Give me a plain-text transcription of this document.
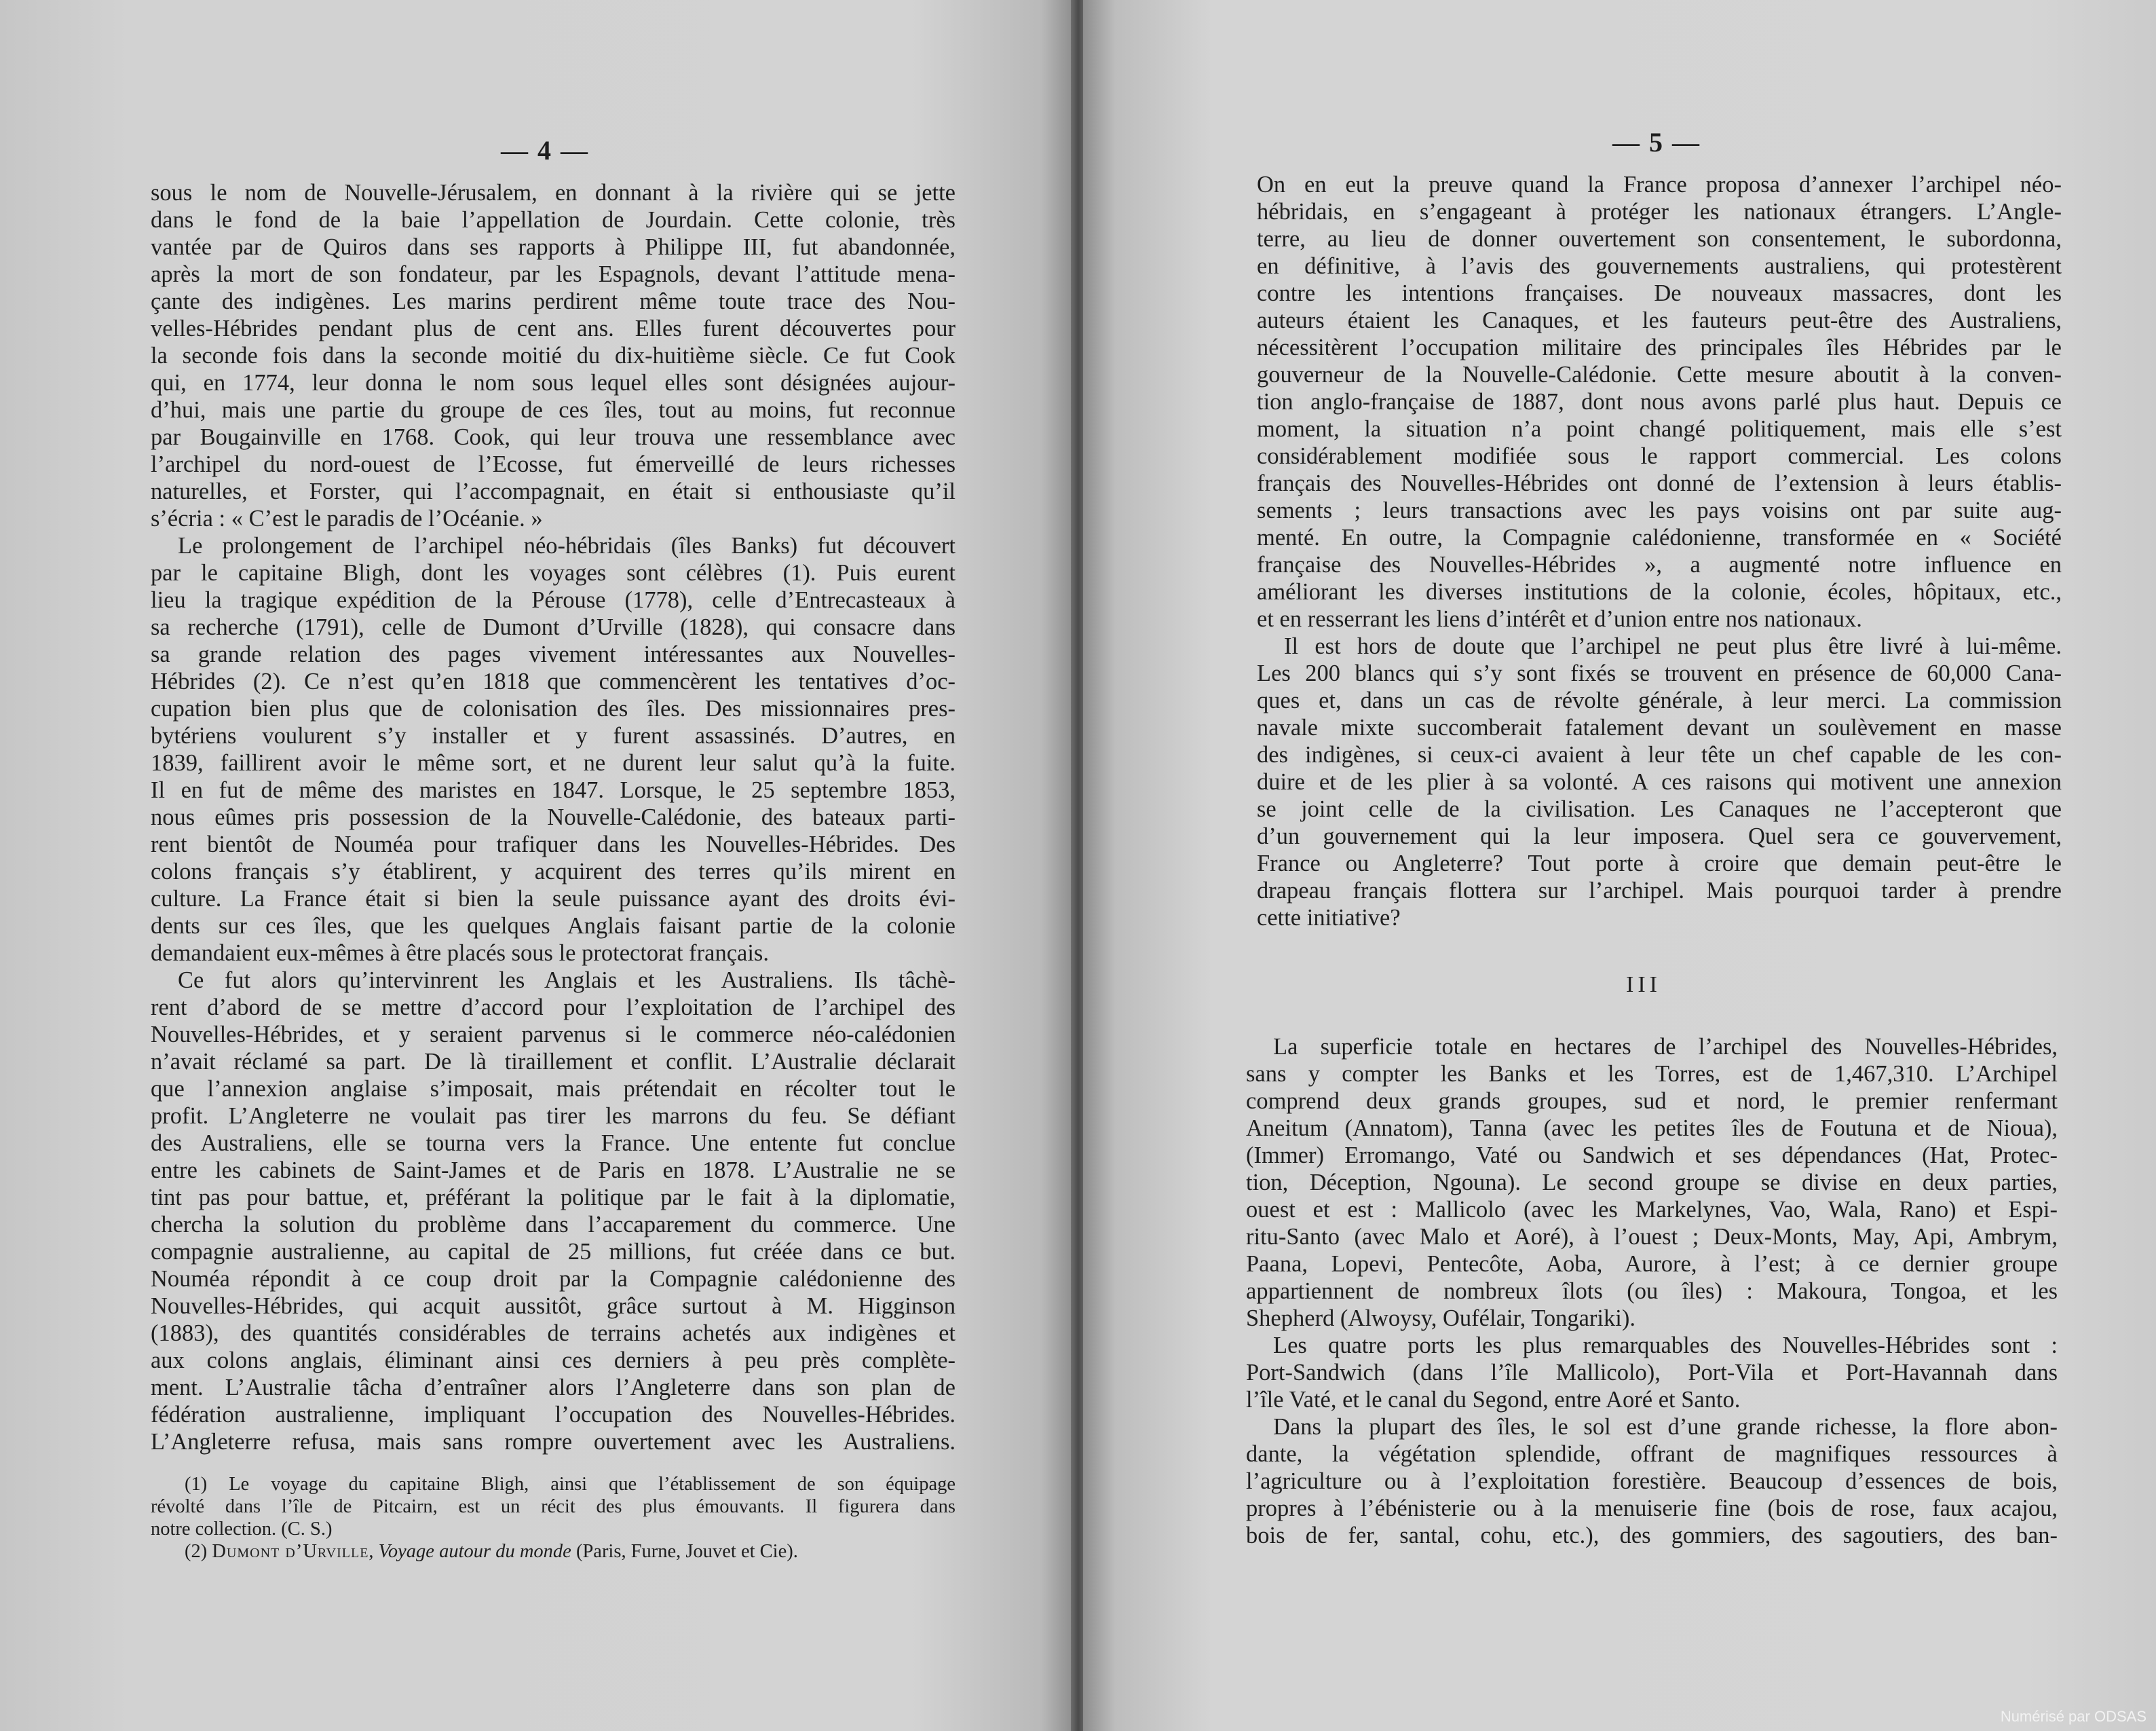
— 4 —
sous le nom de Nouvelle-Jérusalem, en donnant à la rivière qui se jette
dans le fond de la baie l’appellation de Jourdain. Cette colonie, très
vantée par de Quiros dans ses rapports à Philippe III, fut abandonnée,
après la mort de son fondateur, par les Espagnols, devant l’attitude mena-
çante des indigènes. Les marins perdirent même toute trace des Nou-
velles-Hébrides pendant plus de cent ans. Elles furent découvertes pour
la seconde fois dans la seconde moitié du dix-huitième siècle. Ce fut Cook
qui, en 1774, leur donna le nom sous lequel elles sont désignées aujour-
d’hui, mais une partie du groupe de ces îles, tout au moins, fut reconnue
par Bougainville en 1768. Cook, qui leur trouva une ressemblance avec
l’archipel du nord-ouest de l’Ecosse, fut émerveillé de leurs richesses
naturelles, et Forster, qui l’accompagnait, en était si enthousiaste qu’il
s’écria : « C’est le paradis de l’Océanie. »
Le prolongement de l’archipel néo-hébridais (îles Banks) fut découvert
par le capitaine Bligh, dont les voyages sont célèbres (1). Puis eurent
lieu la tragique expédition de la Pérouse (1778), celle d’Entrecasteaux à
sa recherche (1791), celle de Dumont d’Urville (1828), qui consacre dans
sa grande relation des pages vivement intéressantes aux Nouvelles-
Hébrides (2). Ce n’est qu’en 1818 que commencèrent les tentatives d’oc-
cupation bien plus que de colonisation des îles. Des missionnaires pres-
bytériens voulurent s’y installer et y furent assassinés. D’autres, en
1839, faillirent avoir le même sort, et ne durent leur salut qu’à la fuite.
Il en fut de même des maristes en 1847. Lorsque, le 25 septembre 1853,
nous eûmes pris possession de la Nouvelle-Calédonie, des bateaux parti-
rent bientôt de Nouméa pour trafiquer dans les Nouvelles-Hébrides. Des
colons français s’y établirent, y acquirent des terres qu’ils mirent en
culture. La France était si bien la seule puissance ayant des droits évi-
dents sur ces îles, que les quelques Anglais faisant partie de la colonie
demandaient eux-mêmes à être placés sous le protectorat français.
Ce fut alors qu’intervinrent les Anglais et les Australiens. Ils tâchè-
rent d’abord de se mettre d’accord pour l’exploitation de l’archipel des
Nouvelles-Hébrides, et y seraient parvenus si le commerce néo-calédonien
n’avait réclamé sa part. De là tiraillement et conflit. L’Australie déclarait
que l’annexion anglaise s’imposait, mais prétendait en récolter tout le
profit. L’Angleterre ne voulait pas tirer les marrons du feu. Se défiant
des Australiens, elle se tourna vers la France. Une entente fut conclue
entre les cabinets de Saint-James et de Paris en 1878. L’Australie ne se
tint pas pour battue, et, préférant la politique par le fait à la diplomatie,
chercha la solution du problème dans l’accaparement du commerce. Une
compagnie australienne, au capital de 25 millions, fut créée dans ce but.
Nouméa répondit à ce coup droit par la Compagnie calédonienne des
Nouvelles-Hébrides, qui acquit aussitôt, grâce surtout à M. Higginson
(1883), des quantités considérables de terrains achetés aux indigènes et
aux colons anglais, éliminant ainsi ces derniers à peu près complète-
ment. L’Australie tâcha d’entraîner alors l’Angleterre dans son plan de
fédération australienne, impliquant l’occupation des Nouvelles-Hébrides.
L’Angleterre refusa, mais sans rompre ouvertement avec les Australiens.
(1) Le voyage du capitaine Bligh, ainsi que l’établissement de son équipage
révolté dans l’île de Pitcairn, est un récit des plus émouvants. Il figurera dans
notre collection. (C. S.)
(2) Dumont d’Urville, Voyage autour du monde (Paris, Furne, Jouvet et Cie).
— 5 —
On en eut la preuve quand la France proposa d’annexer l’archipel néo-
hébridais, en s’engageant à protéger les nationaux étrangers. L’Angle-
terre, au lieu de donner ouvertement son consentement, le subordonna,
en définitive, à l’avis des gouvernements australiens, qui protestèrent
contre les intentions françaises. De nouveaux massacres, dont les
auteurs étaient les Canaques, et les fauteurs peut-être des Australiens,
nécessitèrent l’occupation militaire des principales îles Hébrides par le
gouverneur de la Nouvelle-Calédonie. Cette mesure aboutit à la conven-
tion anglo-française de 1887, dont nous avons parlé plus haut. Depuis ce
moment, la situation n’a point changé politiquement, mais elle s’est
considérablement modifiée sous le rapport commercial. Les colons
français des Nouvelles-Hébrides ont donné de l’extension à leurs établis-
sements ; leurs transactions avec les pays voisins ont par suite aug-
menté. En outre, la Compagnie calédonienne, transformée en « Société
française des Nouvelles-Hébrides », a augmenté notre influence en
améliorant les diverses institutions de la colonie, écoles, hôpitaux, etc.,
et en resserrant les liens d’intérêt et d’union entre nos nationaux.
Il est hors de doute que l’archipel ne peut plus être livré à lui-même.
Les 200 blancs qui s’y sont fixés se trouvent en présence de 60,000 Cana-
ques et, dans un cas de révolte générale, à leur merci. La commission
navale mixte succomberait fatalement devant un soulèvement en masse
des indigènes, si ceux-ci avaient à leur tête un chef capable de les con-
duire et de les plier à sa volonté. A ces raisons qui motivent une annexion
se joint celle de la civilisation. Les Canaques ne l’accepteront que
d’un gouvernement qui la leur imposera. Quel sera ce gouvervement,
France ou Angleterre? Tout porte à croire que demain peut-être le
drapeau français flottera sur l’archipel. Mais pourquoi tarder à prendre
cette initiative?
III
La superficie totale en hectares de l’archipel des Nouvelles-Hébrides,
sans y compter les Banks et les Torres, est de 1,467,310. L’Archipel
comprend deux grands groupes, sud et nord, le premier renfermant
Aneitum (Annatom), Tanna (avec les petites îles de Foutuna et de Nioua),
(Immer) Erromango, Vaté ou Sandwich et ses dépendances (Hat, Protec-
tion, Déception, Ngouna). Le second groupe se divise en deux parties,
ouest et est : Mallicolo (avec les Markelynes, Vao, Wala, Rano) et Espi-
ritu-Santo (avec Malo et Aoré), à l’ouest ; Deux-Monts, May, Api, Ambrym,
Paana, Lopevi, Pentecôte, Aoba, Aurore, à l’est; à ce dernier groupe
appartiennent de nombreux îlots (ou îles) : Makoura, Tongoa, et les
Shepherd (Alwoysy, Oufélair, Tongariki).
Les quatre ports les plus remarquables des Nouvelles-Hébrides sont :
Port-Sandwich (dans l’île Mallicolo), Port-Vila et Port-Havannah dans
l’île Vaté, et le canal du Segond, entre Aoré et Santo.
Dans la plupart des îles, le sol est d’une grande richesse, la flore abon-
dante, la végétation splendide, offrant de magnifiques ressources à
l’agriculture ou à l’exploitation forestière. Beaucoup d’essences de bois,
propres à l’ébénisterie ou à la menuiserie fine (bois de rose, faux acajou,
bois de fer, santal, cohu, etc.), des gommiers, des sagoutiers, des ban-
Numérisé par ODSAS
